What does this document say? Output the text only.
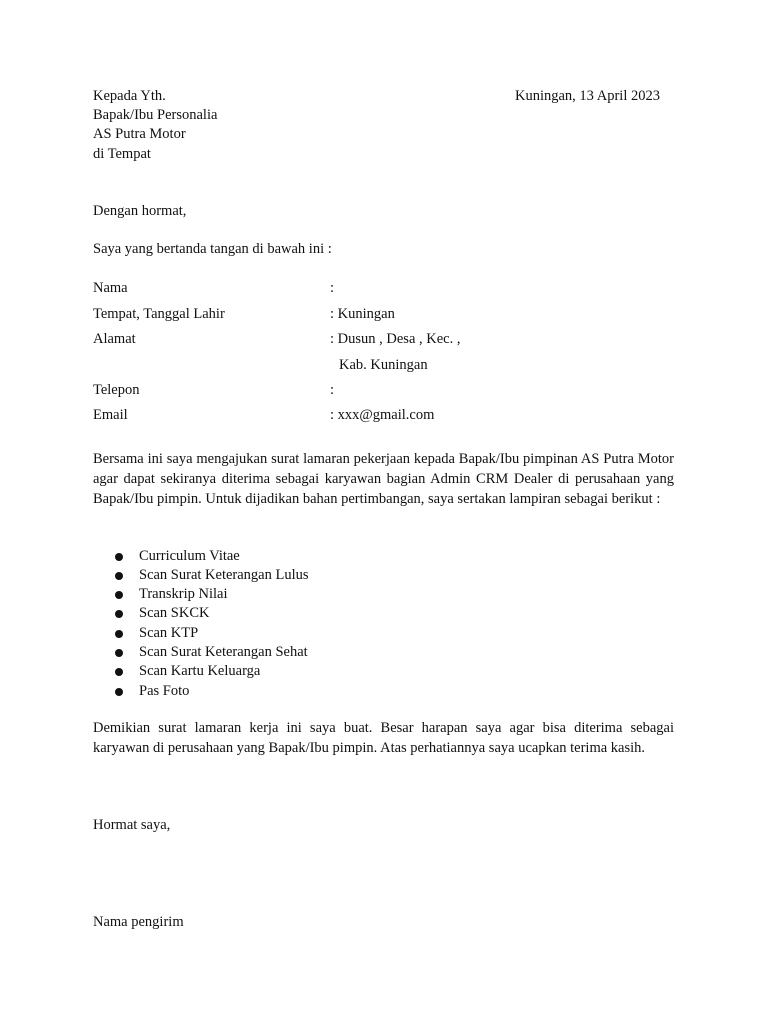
Kepada Yth.	Kuningan, 13 April 2023
Bapak/Ibu Personalia
AS Putra Motor
di Tempat
Dengan hormat,
Saya yang bertanda tangan di bawah ini :
Nama	:
Tempat, Tanggal Lahir	: Kuningan
Alamat	: Dusun , Desa , Kec. ,
Kab. Kuningan
Telepon	:
Email	: xxx@gmail.com
Bersama ini saya mengajukan surat lamaran pekerjaan kepada Bapak/Ibu pimpinan AS Putra Motor agar dapat sekiranya diterima sebagai karyawan bagian Admin CRM Dealer di perusahaan yang Bapak/Ibu pimpin. Untuk dijadikan bahan pertimbangan, saya sertakan lampiran sebagai berikut :
Curriculum Vitae
Scan Surat Keterangan Lulus
Transkrip Nilai
Scan SKCK
Scan KTP
Scan Surat Keterangan Sehat
Scan Kartu Keluarga
Pas Foto
Demikian surat lamaran kerja ini saya buat. Besar harapan saya agar bisa diterima sebagai karyawan di perusahaan yang Bapak/Ibu pimpin. Atas perhatiannya saya ucapkan terima kasih.
Hormat saya,
Nama pengirim
